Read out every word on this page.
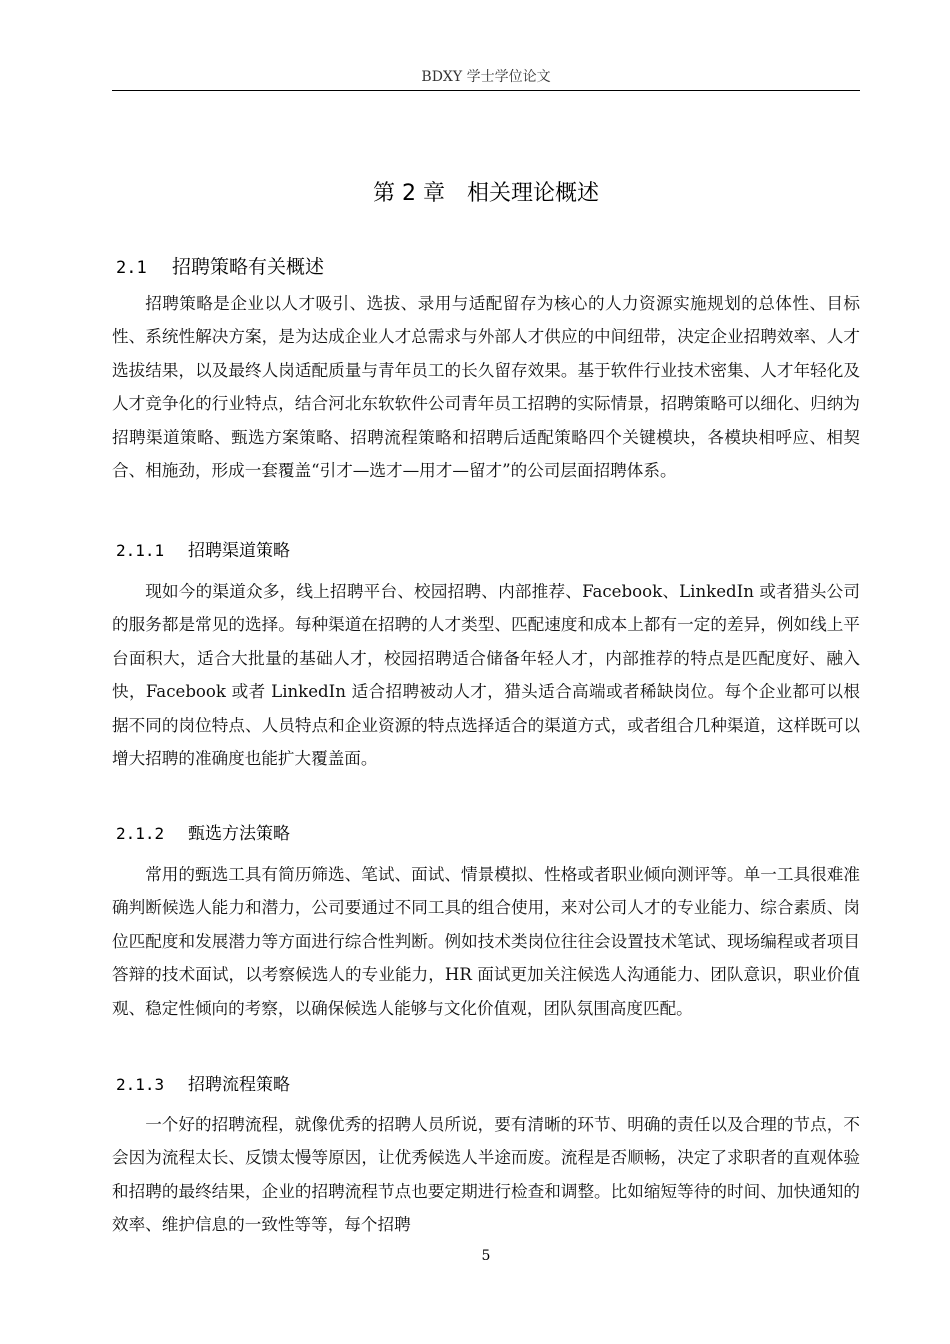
BDXY 学士学位论文
第 2 章 相关理论概述
2.1 招聘策略有关概述

招聘策略是企业以人才吸引、选拔、录用与适配留存为核心的人力资源实施规划的总体性、目标性、系统性解决方案，是为达成企业人才总需求与外部人才供应的中间纽带，决定企业招聘效率、人才选拔结果，以及最终人岗适配质量与青年员工的长久留存效果。基于软件行业技术密集、人才年轻化及人才竞争化的行业特点，结合河北东软软件公司青年员工招聘的实际情景，招聘策略可以细化、归纳为招聘渠道策略、甄选方案策略、招聘流程策略和招聘后适配策略四个关键模块，各模块相呼应、相契合、相施劲，形成一套覆盖“引才—选才—用才—留才”的公司层面招聘体系。

2.1.1 招聘渠道策略

现如今的渠道众多，线上招聘平台、校园招聘、内部推荐、Facebook、LinkedIn 或者猎头公司的服务都是常见的选择。每种渠道在招聘的人才类型、匹配速度和成本上都有一定的差异，例如线上平台面积大，适合大批量的基础人才，校园招聘适合储备年轻人才，内部推荐的特点是匹配度好、融入快，Facebook 或者 LinkedIn 适合招聘被动人才，猎头适合高端或者稀缺岗位。每个企业都可以根据不同的岗位特点、人员特点和企业资源的特点选择适合的渠道方式，或者组合几种渠道，这样既可以增大招聘的准确度也能扩大覆盖面。

2.1.2 甄选方法策略

常用的甄选工具有简历筛选、笔试、面试、情景模拟、性格或者职业倾向测评等。单一工具很难准确判断候选人能力和潜力，公司要通过不同工具的组合使用，来对公司人才的专业能力、综合素质、岗位匹配度和发展潜力等方面进行综合性判断。例如技术类岗位往往会设置技术笔试、现场编程或者项目答辩的技术面试，以考察候选人的专业能力，HR 面试更加关注候选人沟通能力、团队意识，职业价值观、稳定性倾向的考察，以确保候选人能够与文化价值观，团队氛围高度匹配。

2.1.3 招聘流程策略

一个好的招聘流程，就像优秀的招聘人员所说，要有清晰的环节、明确的责任以及合理的节点，不会因为流程太长、反馈太慢等原因，让优秀候选人半途而废。流程是否顺畅，决定了求职者的直观体验和招聘的最终结果，企业的招聘流程节点也要定期进行检查和调整。比如缩短等待的时间、加快通知的效率、维护信息的一致性等等，每个招聘

5
